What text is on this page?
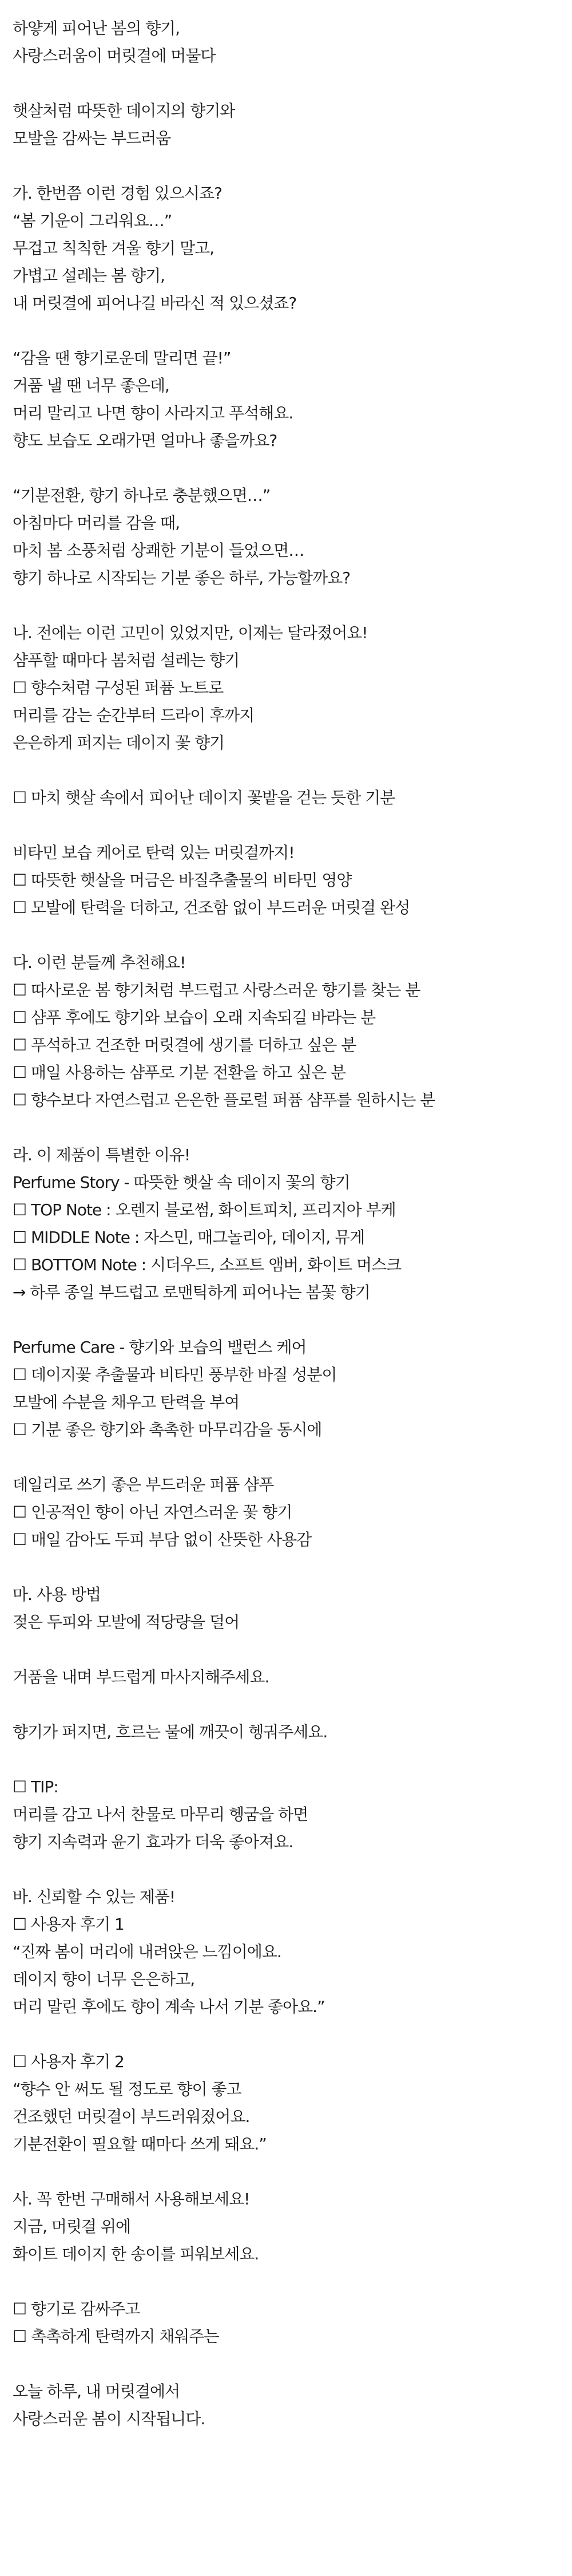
하얗게 피어난 봄의 향기,
사랑스러움이 머릿결에 머물다
햇살처럼 따뜻한 데이지의 향기와
모발을 감싸는 부드러움
가. 한번쯤 이런 경험 있으시죠?
“봄 기운이 그리워요…”
무겁고 칙칙한 겨울 향기 말고,
가볍고 설레는 봄 향기,
내 머릿결에 피어나길 바라신 적 있으셨죠?
“감을 땐 향기로운데 말리면 끝!”
거품 낼 땐 너무 좋은데,
머리 말리고 나면 향이 사라지고 푸석해요.
향도 보습도 오래가면 얼마나 좋을까요?
“기분전환, 향기 하나로 충분했으면…”
아침마다 머리를 감을 때,
마치 봄 소풍처럼 상쾌한 기분이 들었으면…
향기 하나로 시작되는 기분 좋은 하루, 가능할까요?
나. 전에는 이런 고민이 있었지만, 이제는 달라졌어요!
샴푸할 때마다 봄처럼 설레는 향기
☐ 향수처럼 구성된 퍼퓸 노트로
머리를 감는 순간부터 드라이 후까지
은은하게 퍼지는 데이지 꽃 향기
☐ 마치 햇살 속에서 피어난 데이지 꽃밭을 걷는 듯한 기분
비타민 보습 케어로 탄력 있는 머릿결까지!
☐ 따뜻한 햇살을 머금은 바질추출물의 비타민 영양
☐ 모발에 탄력을 더하고, 건조함 없이 부드러운 머릿결 완성
다. 이런 분들께 추천해요!
☐ 따사로운 봄 향기처럼 부드럽고 사랑스러운 향기를 찾는 분
☐ 샴푸 후에도 향기와 보습이 오래 지속되길 바라는 분
☐ 푸석하고 건조한 머릿결에 생기를 더하고 싶은 분
☐ 매일 사용하는 샴푸로 기분 전환을 하고 싶은 분
☐ 향수보다 자연스럽고 은은한 플로럴 퍼퓸 샴푸를 원하시는 분
라. 이 제품이 특별한 이유!
Perfume Story - 따뜻한 햇살 속 데이지 꽃의 향기
☐ TOP Note : 오렌지 블로썸, 화이트피치, 프리지아 부케
☐ MIDDLE Note : 자스민, 매그놀리아, 데이지, 뮤게
☐ BOTTOM Note : 시더우드, 소프트 앰버, 화이트 머스크
→ 하루 종일 부드럽고 로맨틱하게 피어나는 봄꽃 향기
Perfume Care - 향기와 보습의 밸런스 케어
☐ 데이지꽃 추출물과 비타민 풍부한 바질 성분이
모발에 수분을 채우고 탄력을 부여
☐ 기분 좋은 향기와 촉촉한 마무리감을 동시에
데일리로 쓰기 좋은 부드러운 퍼퓸 샴푸
☐ 인공적인 향이 아닌 자연스러운 꽃 향기
☐ 매일 감아도 두피 부담 없이 산뜻한 사용감
마. 사용 방법
젖은 두피와 모발에 적당량을 덜어
거품을 내며 부드럽게 마사지해주세요.
향기가 퍼지면, 흐르는 물에 깨끗이 헹궈주세요.
☐ TIP:
머리를 감고 나서 찬물로 마무리 헹굼을 하면
향기 지속력과 윤기 효과가 더욱 좋아져요.
바. 신뢰할 수 있는 제품!
☐ 사용자 후기 1
“진짜 봄이 머리에 내려앉은 느낌이에요.
데이지 향이 너무 은은하고,
머리 말린 후에도 향이 계속 나서 기분 좋아요.”
☐ 사용자 후기 2
“향수 안 써도 될 정도로 향이 좋고
건조했던 머릿결이 부드러워졌어요.
기분전환이 필요할 때마다 쓰게 돼요.”
사. 꼭 한번 구매해서 사용해보세요!
지금, 머릿결 위에
화이트 데이지 한 송이를 피워보세요.
☐ 향기로 감싸주고
☐ 촉촉하게 탄력까지 채워주는
오늘 하루, 내 머릿결에서
사랑스러운 봄이 시작됩니다.
